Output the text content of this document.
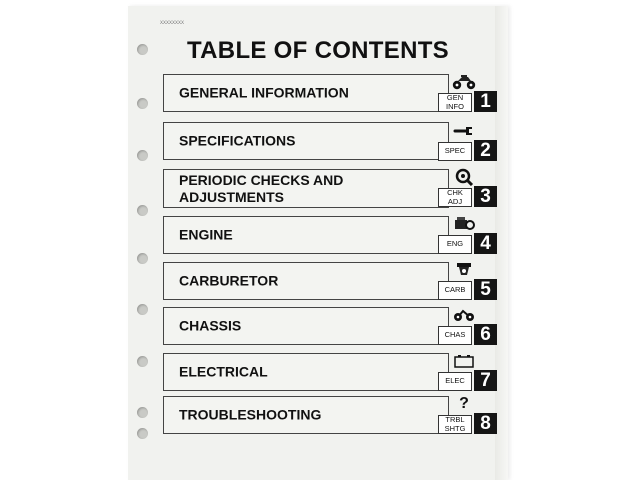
XXXXXXXX
TABLE OF CONTENTS
GENERAL INFORMATION	GEN
INFO 1
SPECIFICATIONS
SPEC 2
PERIODIC CHECKS AND
ADJUSTMENTS	CHK
ADJ 3
ENGINE
ENG 4
CARBURETOR
CARB 5
CHASSIS
CHAS 6
ELECTRICAL
ELEC 7
TROUBLESHOOTING
?
TRBL
SHTG 8
